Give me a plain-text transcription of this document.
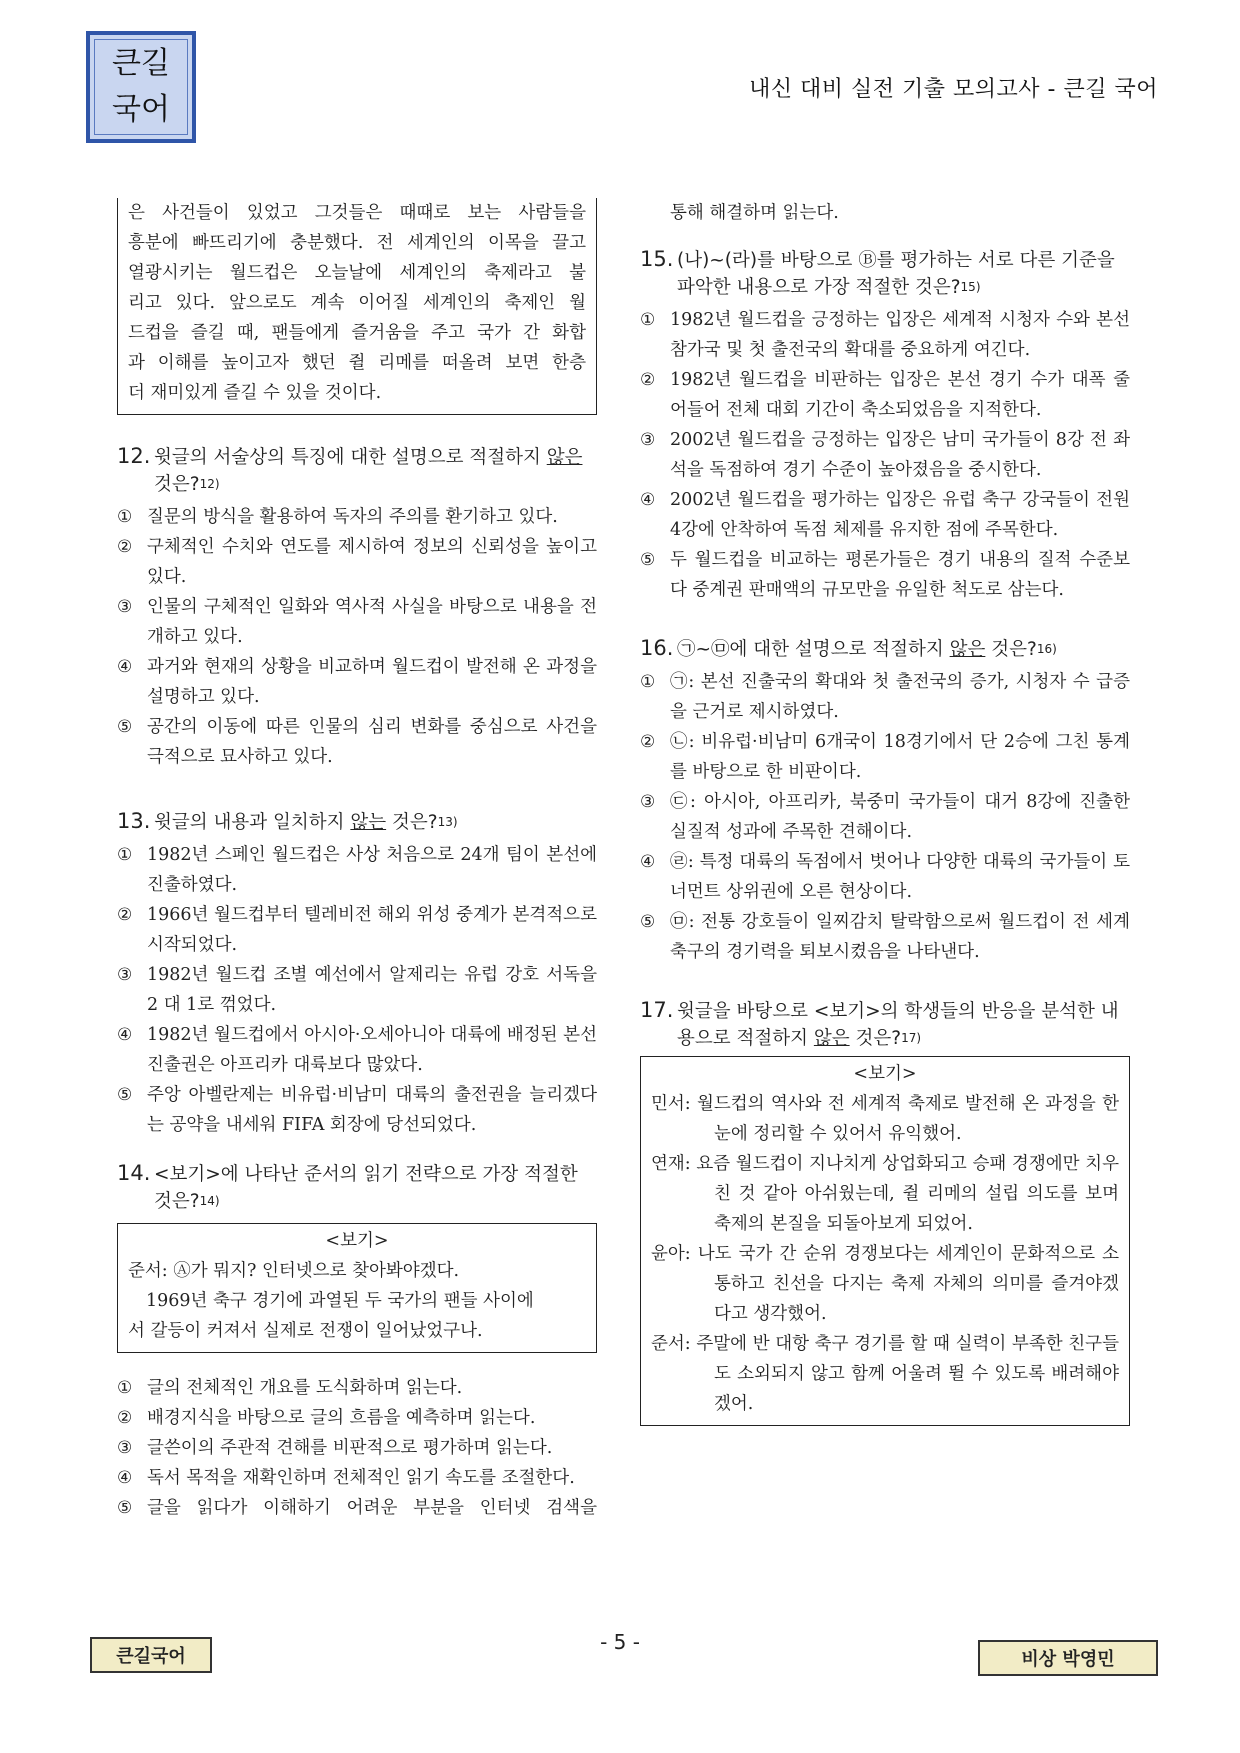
큰길
국어
내신 대비 실전 기출 모의고사 - 큰길 국어
은 사건들이 있었고 그것들은 때때로 보는 사람들을
흥분에 빠뜨리기에 충분했다. 전 세계인의 이목을 끌고
열광시키는 월드컵은 오늘날에 세계인의 축제라고 불
리고 있다. 앞으로도 계속 이어질 세계인의 축제인 월
드컵을 즐길 때, 팬들에게 즐거움을 주고 국가 간 화합
과 이해를 높이고자 했던 쥘 리메를 떠올려 보면 한층
더 재미있게 즐길 수 있을 것이다.
12. 윗글의 서술상의 특징에 대한 설명으로 적절하지 않은 것은?12)
① 질문의 방식을 활용하여 독자의 주의를 환기하고 있다.
② 구체적인 수치와 연도를 제시하여 정보의 신뢰성을 높이고 있다.
③ 인물의 구체적인 일화와 역사적 사실을 바탕으로 내용을 전개하고 있다.
④ 과거와 현재의 상황을 비교하며 월드컵이 발전해 온 과정을 설명하고 있다.
⑤ 공간의 이동에 따른 인물의 심리 변화를 중심으로 사건을 극적으로 묘사하고 있다.
13. 윗글의 내용과 일치하지 않는 것은?13)
① 1982년 스페인 월드컵은 사상 처음으로 24개 팀이 본선에 진출하였다.
② 1966년 월드컵부터 텔레비전 해외 위성 중계가 본격적으로 시작되었다.
③ 1982년 월드컵 조별 예선에서 알제리는 유럽 강호 서독을 2 대 1로 꺾었다.
④ 1982년 월드컵에서 아시아·오세아니아 대륙에 배정된 본선 진출권은 아프리카 대륙보다 많았다.
⑤ 주앙 아벨란제는 비유럽·비남미 대륙의 출전권을 늘리겠다는 공약을 내세워 FIFA 회장에 당선되었다.
14. <보기>에 나타난 준서의 읽기 전략으로 가장 적절한 것은?14)
<보기>
준서: Ⓐ가 뭐지? 인터넷으로 찾아봐야겠다.
1969년 축구 경기에 과열된 두 국가의 팬들 사이에
서 갈등이 커져서 실제로 전쟁이 일어났었구나.
① 글의 전체적인 개요를 도식화하며 읽는다.
② 배경지식을 바탕으로 글의 흐름을 예측하며 읽는다.
③ 글쓴이의 주관적 견해를 비판적으로 평가하며 읽는다.
④ 독서 목적을 재확인하며 전체적인 읽기 속도를 조절한다.
⑤ 글을 읽다가 이해하기 어려운 부분을 인터넷 검색을
통해 해결하며 읽는다.
15. (나)~(라)를 바탕으로 Ⓑ를 평가하는 서로 다른 기준을 파악한 내용으로 가장 적절한 것은?15)
① 1982년 월드컵을 긍정하는 입장은 세계적 시청자 수와 본선 참가국 및 첫 출전국의 확대를 중요하게 여긴다.
② 1982년 월드컵을 비판하는 입장은 본선 경기 수가 대폭 줄어들어 전체 대회 기간이 축소되었음을 지적한다.
③ 2002년 월드컵을 긍정하는 입장은 남미 국가들이 8강 전 좌석을 독점하여 경기 수준이 높아졌음을 중시한다.
④ 2002년 월드컵을 평가하는 입장은 유럽 축구 강국들이 전원 4강에 안착하여 독점 체제를 유지한 점에 주목한다.
⑤ 두 월드컵을 비교하는 평론가들은 경기 내용의 질적 수준보다 중계권 판매액의 규모만을 유일한 척도로 삼는다.
16. ㉠~㉤에 대한 설명으로 적절하지 않은 것은?16)
① ㉠: 본선 진출국의 확대와 첫 출전국의 증가, 시청자 수 급증을 근거로 제시하였다.
② ㉡: 비유럽·비남미 6개국이 18경기에서 단 2승에 그친 통계를 바탕으로 한 비판이다.
③ ㉢: 아시아, 아프리카, 북중미 국가들이 대거 8강에 진출한 실질적 성과에 주목한 견해이다.
④ ㉣: 특정 대륙의 독점에서 벗어나 다양한 대륙의 국가들이 토너먼트 상위권에 오른 현상이다.
⑤ ㉤: 전통 강호들이 일찌감치 탈락함으로써 월드컵이 전 세계 축구의 경기력을 퇴보시켰음을 나타낸다.
17. 윗글을 바탕으로 <보기>의 학생들의 반응을 분석한 내용으로 적절하지 않은 것은?17)
<보기>
민서: 월드컵의 역사와 전 세계적 축제로 발전해 온 과정을 한눈에 정리할 수 있어서 유익했어.
연재: 요즘 월드컵이 지나치게 상업화되고 승패 경쟁에만 치우친 것 같아 아쉬웠는데, 쥘 리메의 설립 의도를 보며 축제의 본질을 되돌아보게 되었어.
윤아: 나도 국가 간 순위 경쟁보다는 세계인이 문화적으로 소통하고 친선을 다지는 축제 자체의 의미를 즐겨야겠다고 생각했어.
준서: 주말에 반 대항 축구 경기를 할 때 실력이 부족한 친구들도 소외되지 않고 함께 어울려 뛸 수 있도록 배려해야겠어.
큰길국어
- 5 -
비상 박영민
